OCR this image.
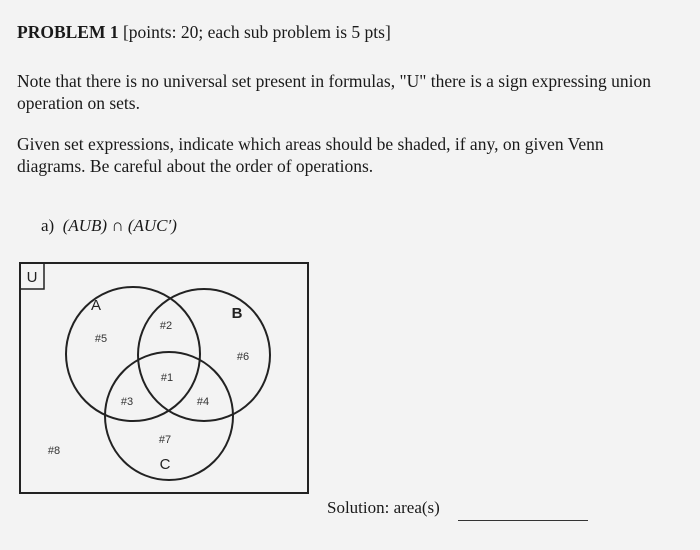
PROBLEM 1 [points: 20; each sub problem is 5 pts]
Note that there is no universal set present in formulas, "U" there is a sign expressing union
operation on sets.
Given set expressions, indicate which areas should be shaded, if any, on given Venn
diagrams. Be careful about the order of operations.
a) (AUB) ∩ (AUC′)
U
A	B
C
#2
#5
#6
#1
#3	#4
#7
#8
Solution: area(s)
